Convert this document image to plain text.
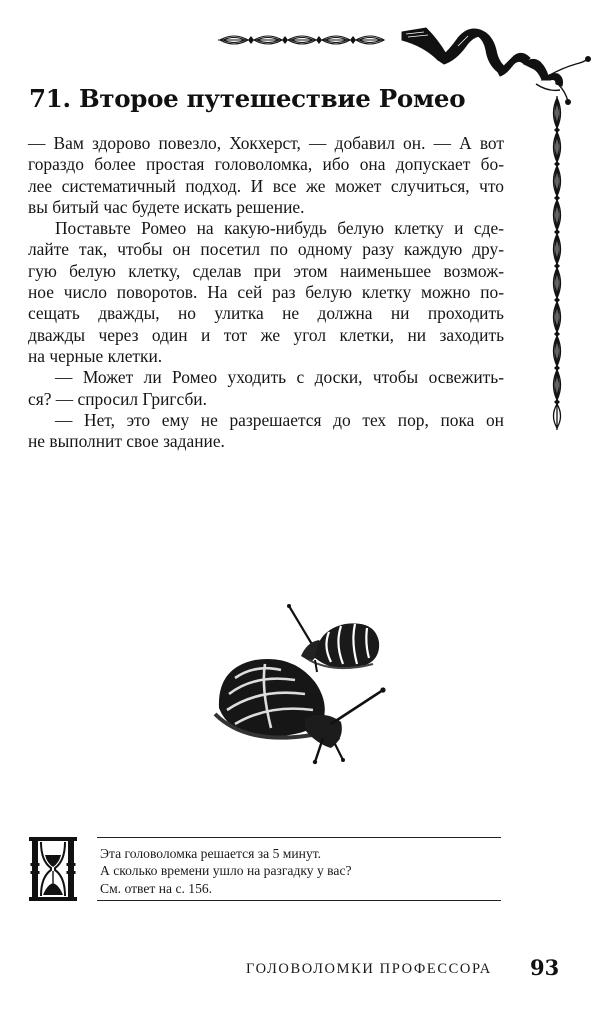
71. Второе путешествие Ромео
— Вам здорово повезло, Хокхерст, — добавил он. — А вот
гораздо более простая головоломка, ибо она допускает бо-
лее систематичный подход. И все же может случиться, что
вы битый час будете искать решение.
Поставьте Ромео на какую-нибудь белую клетку и сде-
лайте так, чтобы он посетил по одному разу каждую дру-
гую белую клетку, сделав при этом наименьшее возмож-
ное число поворотов. На сей раз белую клетку можно по-
сещать дважды, но улитка не должна ни проходить
дважды через один и тот же угол клетки, ни заходить
на черные клетки.
— Может ли Ромео уходить с доски, чтобы освежить-
ся? — спросил Григсби.
— Нет, это ему не разрешается до тех пор, пока он
не выполнит свое задание.
Эта головоломка решается за 5 минут.
А сколько времени ушло на разгадку у вас?
См. ответ на с. 156.
ГОЛОВОЛОМКИ ПРОФЕССОРА 93
